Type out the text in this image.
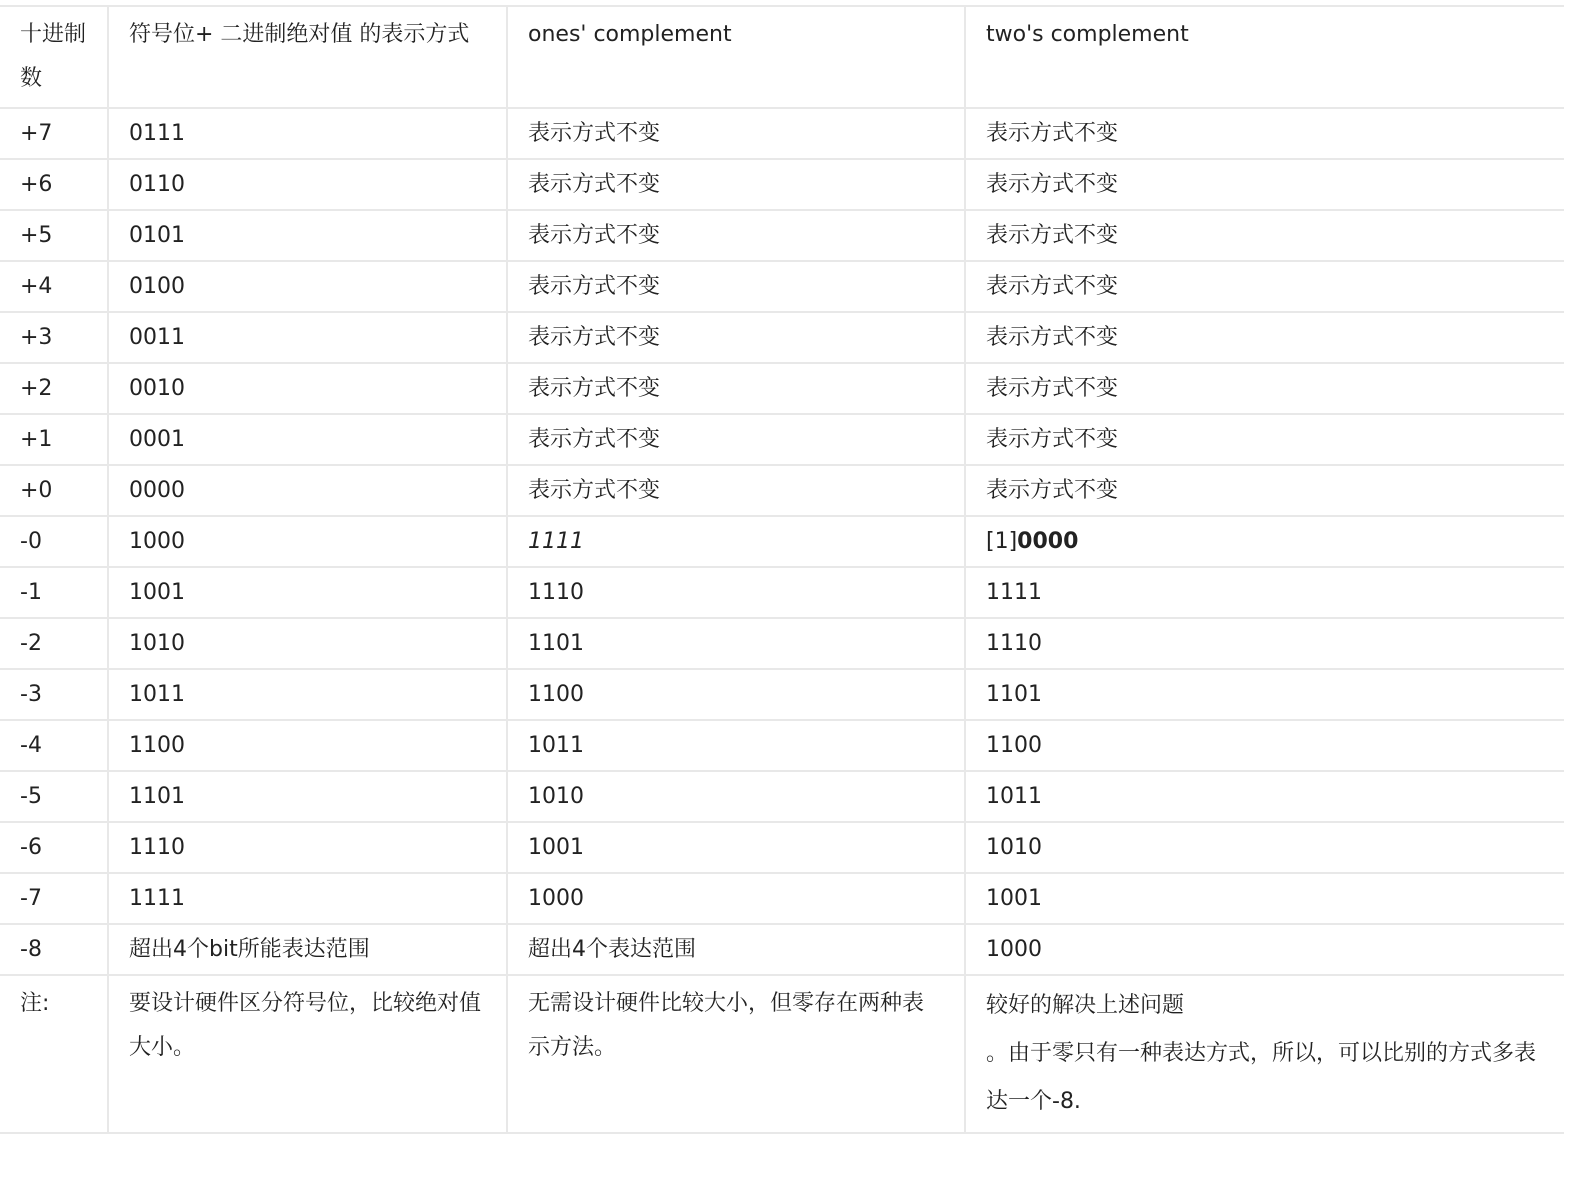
十进制数	符号位+ 二进制绝对值 的表示方式	ones' complement	two's complement
+7	0111	表示方式不变	表示方式不变
+6	0110	表示方式不变	表示方式不变
+5	0101	表示方式不变	表示方式不变
+4	0100	表示方式不变	表示方式不变
+3	0011	表示方式不变	表示方式不变
+2	0010	表示方式不变	表示方式不变
+1	0001	表示方式不变	表示方式不变
+0	0000	表示方式不变	表示方式不变
-0	1000	1111	[1]0000
-1	1001	1110	1111
-2	1010	1101	1110
-3	1011	1100	1101
-4	1100	1011	1100
-5	1101	1010	1011
-6	1110	1001	1010
-7	1111	1000	1001
-8	超出4个bit所能表达范围	超出4个表达范围	1000
注:	要设计硬件区分符号位，比较绝对值大小。	无需设计硬件比较大小，但零存在两种表示方法。	较好的解决上述问题
。由于零只有一种表达方式，所以，可以比别的方式多表达一个-8.
